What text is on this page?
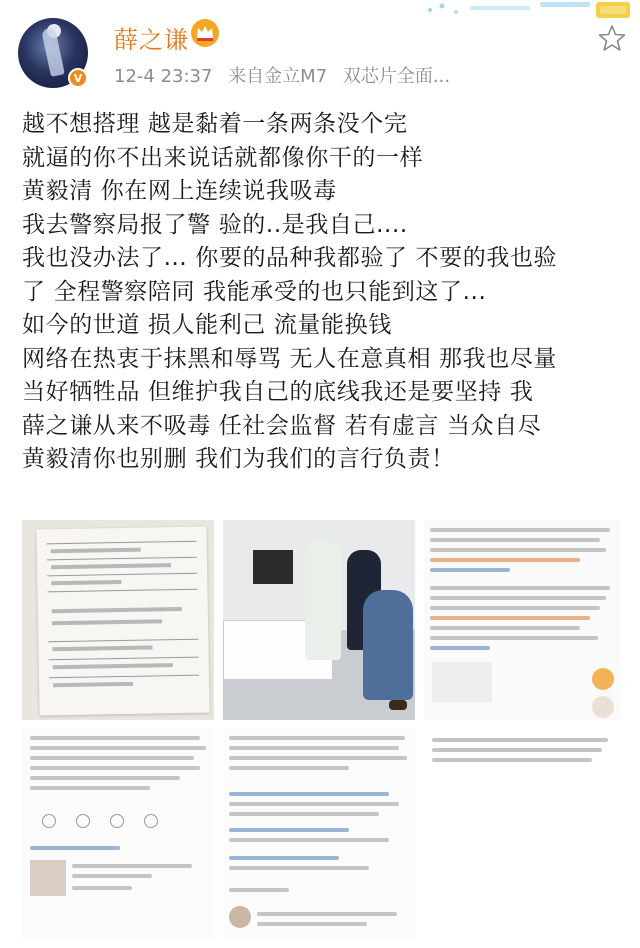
V
薛之谦
12-4 23:37 来自金立M7 双芯片全面...
越不想搭理 越是黏着一条两条没个完
就逼的你不出来说话就都像你干的一样
黄毅清 你在网上连续说我吸毒
我去警察局报了警 验的..是我自己....
我也没办法了... 你要的品种我都验了 不要的我也验
了 全程警察陪同 我能承受的也只能到这了...
如今的世道 损人能利己 流量能换钱
网络在热衷于抹黑和辱骂 无人在意真相 那我也尽量
当好牺牲品 但维护我自己的底线我还是要坚持 我
薛之谦从来不吸毒 任社会监督 若有虚言 当众自尽
黄毅清你也别删 我们为我们的言行负责！
